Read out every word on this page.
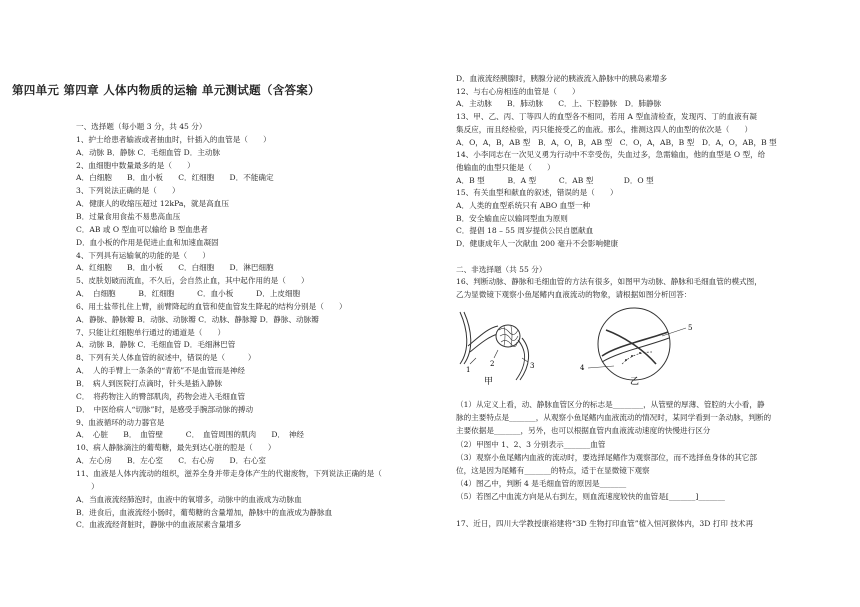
第四单元 第四章 人体内物质的运输 单元测试题（含答案）
一、选择题（每小题 3 分，共 45 分）
1、护士给患者输液或者抽血时，针插入的血管是（　　）
A．动脉 B．静脉 C．毛细血管 D．主动脉
2、血细胞中数量最多的是（　　）
A．白细胞　　B．血小板　　C．红细胞　　D．不能确定
3、下列说法正确的是（　　）
A．健康人的收缩压超过 12kPa，就是高血压
B．过量食用食盐不易患高血压
C．AB 或 O 型血可以输给 B 型血患者
D．血小板的作用是促进止血和加速血凝固
4、下列具有运输氧的功能的是（　　）
A．红细胞　　B．血小板　　C．白细胞　　D．淋巴细胞
5、皮肤划破而流血，不久后，会自然止血，其中起作用的是（　　）
A．　白细胞　　　B．红细胞　　　C．血小板　　　D．上皮细胞
6、用土盐带扎住上臂，前臂降起的血管和使血管发生降起的结构分别是（　　）
A．静脉、静脉瓣 B．动脉、动脉瓣 C．动脉、静脉瓣 D．静脉、动脉瓣
7、只能让红细胞单行通过的通道是（　　）
A．动脉 B．静脉 C．毛细血管 D．毛细淋巴管
8、下列有关人体血管的叙述中，错误的是（　　　）
A．　人的手臂上一条条的“青筋”不是血管而是神经
B．　病人到医院打点滴时，针头是插入静脉
C．　将药物注入的臀部肌肉，药物会进入毛细血管
D．　中医给病人“切脉”时，是感受手腕部动脉的搏动
9、血液循环的动力器官是
A．　心脏　　B．　血管壁　　　C．　血管周围的肌肉　　D．　神经
10、病人静脉滴注的葡萄糖，最先到达心脏的腔是（　　）
A．左心房　　B．左心室　　C．右心房　　D．右心室
11、血液是人体内流动的组织，滋养全身并带走身体产生的代谢废物，下列说法正确的是（
　　）
A．当血液流经肺泡时，血液中的氧增多，动脉中的血液成为动脉血
B．进食后，血液流经小肠时，葡萄糖的含量增加，静脉中的血液成为静脉血
C．血液流经肾脏时，静脉中的血液尿素含量增多
D．血液流经胰腺时，胰腺分泌的胰液流入静脉中的胰岛素增多
12、与右心房相连的血管是（　　）
A．主动脉　　B．肺动脉　　C．上、下腔静脉　D．肺静脉
13、甲、乙、丙、丁等四人的血型各不相同，若用 A 型血清检查，发现丙、丁的血液有凝
集反应，而且经检验，丙只能接受乙的血液。那么，推测这四人的血型的依次是（　　）
A．O，A，B，AB 型　B．A，O，B，AB 型　C．O，A，AB，B 型　D．A，O，AB，B 型
14、小李同志在一次见义勇为行动中不幸受伤，失血过多，急需输血，他的血型是 O 型，给
他输血的血型只能是（　　）
A．B 型　　　B．A 型　　　C．AB 型　　　　D．O 型
15、有关血型和献血的叙述，错误的是（　　）
A．人类的血型系统只有 ABO 血型一种
B．安全输血应以输同型血为原则
C．提倡 18 – 55 周岁提供公民自愿献血
D．健康成年人一次献血 200 毫升不会影响健康
二、非选择题（共 55 分）
16、判断动脉、静脉和毛细血管的方法有很多，如图甲为动脉、静脉和毛细血管的模式图，
乙为显微镜下观察小鱼尾鳍内血液流动的物象，请根据如图分析回答：
1
2	3
甲
4
5
乙
（1）从定义上看，动、静脉血管区分的标志是________，从管壁的厚薄、管腔的大小看，静
脉的主要特点是_______，从观察小鱼尾鳍内血液流动的情况时，某同学看到一条动脉，判断的
主要依据是_______，另外，也可以根据血管内血液流动速度的快慢进行区分
（2）甲图中 1、2、3 分别表示_______血管
（3）观察小鱼尾鳍内血液的流动时，要选择尾鳍作为观察部位，而不选择鱼身体的其它部
位，这是因为尾鳍有_______的特点，适于在显微镜下观察
（4）图乙中，判断 4 是毛细血管的原因是_______
（5）若图乙中血流方向是从右到左，则血流速度较快的血管是[_______]_______
17、近日，四川大学教授康裕建将“3D 生物打印血管”植入恒河猴体内，3D 打印 技术再
